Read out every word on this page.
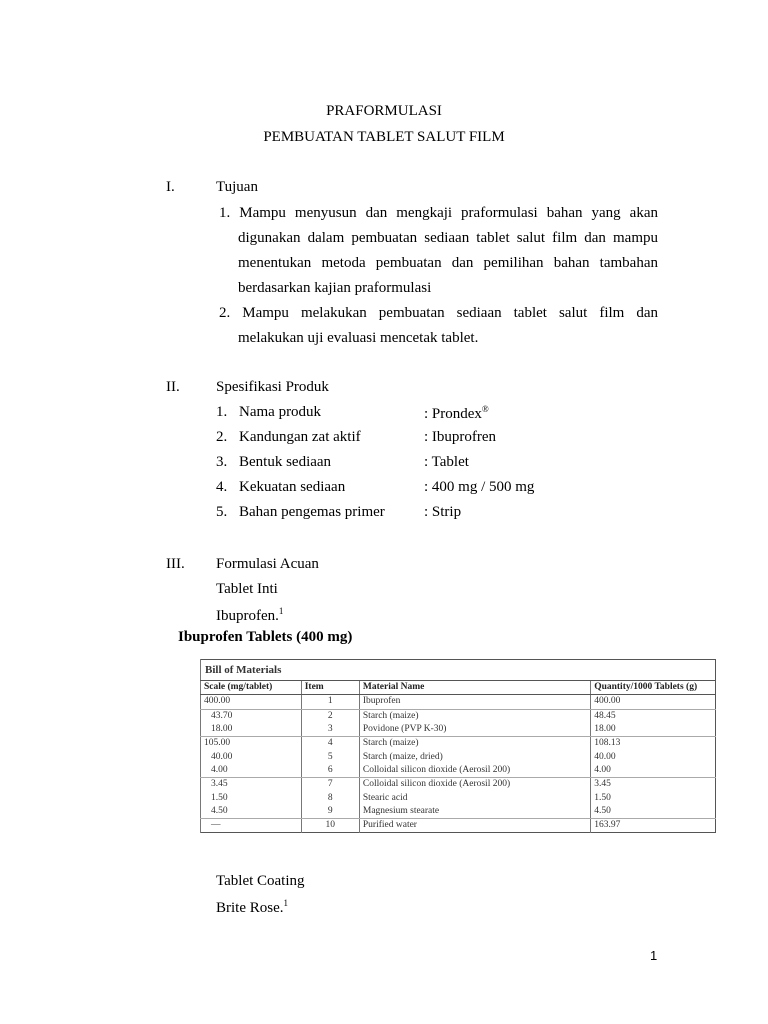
PRAFORMULASI
PEMBUATAN TABLET SALUT FILM
I.	Tujuan
1. Mampu menyusun dan mengkaji praformulasi bahan yang akan
digunakan dalam pembuatan sediaan tablet salut film dan mampu
menentukan metoda pembuatan dan pemilihan bahan tambahan
berdasarkan kajian praformulasi
2. Mampu melakukan pembuatan sediaan tablet salut film dan
melakukan uji evaluasi mencetak tablet.
II. Spesifikasi Produk
1. Nama produk	: Prondex®
2. Kandungan zat aktif	: Ibuprofren
3. Bentuk sediaan	: Tablet
4. Kekuatan sediaan	: 400 mg / 500 mg
5. Bahan pengemas primer	: Strip
III. Formulasi Acuan
Tablet Inti
Ibuprofen.$^1$
Ibuprofen Tablets (400 mg)
Bill of Materials			
Scale (mg/tablet)	Item	Material Name	Quantity/1000 Tablets (g)
400.00	1	Ibuprofen	400.00
43.70	2	Starch (maize)	48.45
18.00	3	Povidone (PVP K-30)	18.00
105.00	4	Starch (maize)	108.13
40.00	5	Starch (maize, dried)	40.00
4.00	6	Colloidal silicon dioxide (Aerosil 200)	4.00
3.45	7	Colloidal silicon dioxide (Aerosil 200)	3.45
1.50	8	Stearic acid	1.50
4.50	9	Magnesium stearate	4.50
—	10	Purified water	163.97
Tablet Coating
Brite Rose.$^1$
1
